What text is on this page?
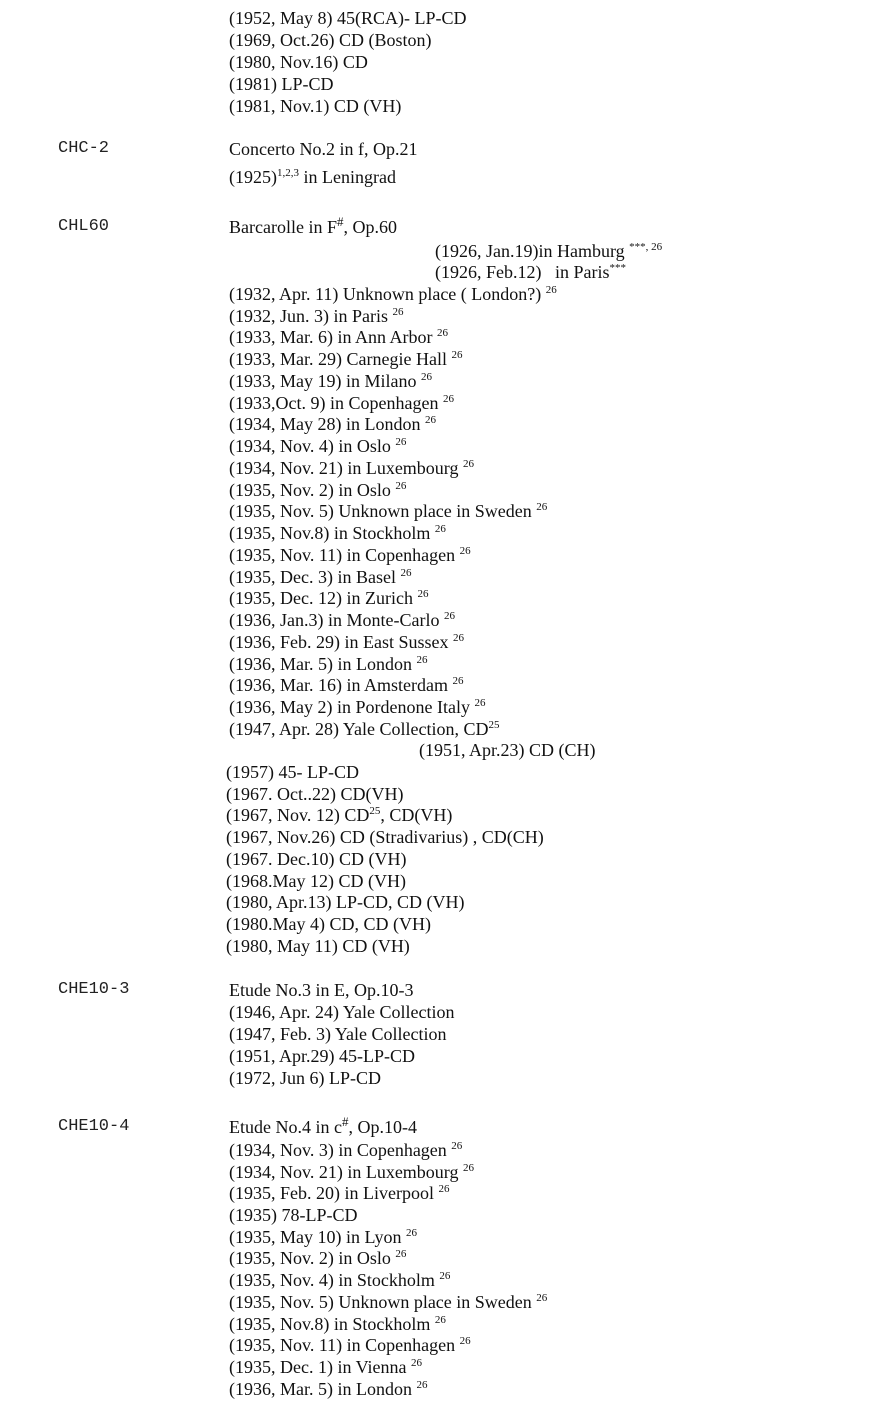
(1952, May 8) 45(RCA)- LP-CD
(1969, Oct.26) CD (Boston)
(1980, Nov.16) CD
(1981) LP-CD
(1981, Nov.1) CD (VH)
CHC-2	Concerto No.2 in f, Op.21
$(1925)^{1,2,3}$ in Leningrad
CHL60	Barcarolle in F#, Op.60
(1926, Jan.19)in Hamburg $^{***, 26}$
(1926, Feb.12)   in Paris***
(1932, Apr. 11) Unknown place ( London?) $^{26}$
(1932, Jun. 3) in Paris $^{26}$
(1933, Mar. 6) in Ann Arbor $^{26}$
(1933, Mar. 29) Carnegie Hall $^{26}$
(1933, May 19) in Milano $^{26}$
(1933,Oct. 9) in Copenhagen $^{26}$
(1934, May 28) in London $^{26}$
(1934, Nov. 4) in Oslo $^{26}$
(1934, Nov. 21) in Luxembourg $^{26}$
(1935, Nov. 2) in Oslo $^{26}$
(1935, Nov. 5) Unknown place in Sweden $^{26}$
(1935, Nov.8) in Stockholm $^{26}$
(1935, Nov. 11) in Copenhagen $^{26}$
(1935, Dec. 3) in Basel $^{26}$
(1935, Dec. 12) in Zurich $^{26}$
(1936, Jan.3) in Monte-Carlo $^{26}$
(1936, Feb. 29) in East Sussex $^{26}$
(1936, Mar. 5) in London $^{26}$
(1936, Mar. 16) in Amsterdam $^{26}$
(1936, May 2) in Pordenone Italy $^{26}$
(1947, Apr. 28) Yale Collection, CD$^{25}$
(1951, Apr.23) CD (CH)
(1957) 45- LP-CD
(1967. Oct..22) CD(VH)
(1967, Nov. 12) CD$^{25}$, CD(VH)
(1967, Nov.26) CD (Stradivarius) , CD(CH)
(1967. Dec.10) CD (VH)
(1968.May 12) CD (VH)
(1980, Apr.13) LP-CD, CD (VH)
(1980.May 4) CD, CD (VH)
(1980, May 11) CD (VH)
CHE10-3	Etude No.3 in E, Op.10-3
(1946, Apr. 24) Yale Collection
(1947, Feb. 3) Yale Collection
(1951, Apr.29) 45-LP-CD
(1972, Jun 6) LP-CD
CHE10-4	Etude No.4 in c#, Op.10-4
(1934, Nov. 3) in Copenhagen $^{26}$
(1934, Nov. 21) in Luxembourg $^{26}$
(1935, Feb. 20) in Liverpool $^{26}$
(1935) 78-LP-CD
(1935, May 10) in Lyon $^{26}$
(1935, Nov. 2) in Oslo $^{26}$
(1935, Nov. 4) in Stockholm $^{26}$
(1935, Nov. 5) Unknown place in Sweden $^{26}$
(1935, Nov.8) in Stockholm $^{26}$
(1935, Nov. 11) in Copenhagen $^{26}$
(1935, Dec. 1) in Vienna $^{26}$
(1936, Mar. 5) in London $^{26}$
